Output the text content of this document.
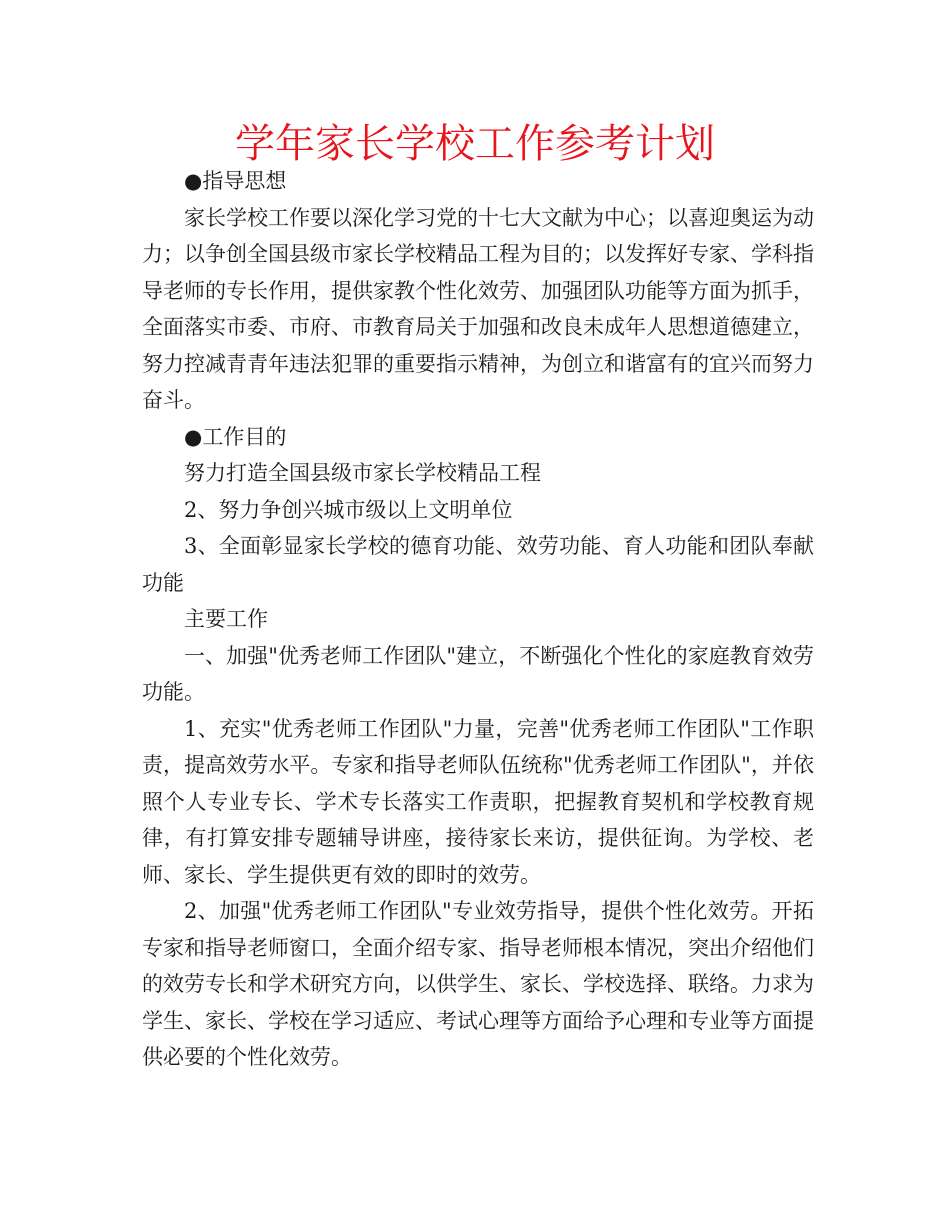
学年家长学校工作参考计划

●指导思想

家长学校工作要以深化学习党的十七大文献为中心；以喜迎奥运为动力；以争创全国县级市家长学校精品工程为目的；以发挥好专家、学科指导老师的专长作用，提供家教个性化效劳、加强团队功能等方面为抓手，全面落实市委、市府、市教育局关于加强和改良未成年人思想道德建立，努力控减青青年违法犯罪的重要指示精神，为创立和谐富有的宜兴而努力奋斗。

●工作目的

努力打造全国县级市家长学校精品工程

2、努力争创兴城市级以上文明单位

3、全面彰显家长学校的德育功能、效劳功能、育人功能和团队奉献功能

主要工作

一、加强"优秀老师工作团队"建立，不断强化个性化的家庭教育效劳功能。

1、充实"优秀老师工作团队"力量，完善"优秀老师工作团队"工作职责，提高效劳水平。专家和指导老师队伍统称"优秀老师工作团队"，并依照个人专业专长、学术专长落实工作责职，把握教育契机和学校教育规律，有打算安排专题辅导讲座，接待家长来访，提供征询。为学校、老师、家长、学生提供更有效的即时的效劳。

2、加强"优秀老师工作团队"专业效劳指导，提供个性化效劳。开拓专家和指导老师窗口，全面介绍专家、指导老师根本情况，突出介绍他们的效劳专长和学术研究方向，以供学生、家长、学校选择、联络。力求为学生、家长、学校在学习适应、考试心理等方面给予心理和专业等方面提供必要的个性化效劳。
